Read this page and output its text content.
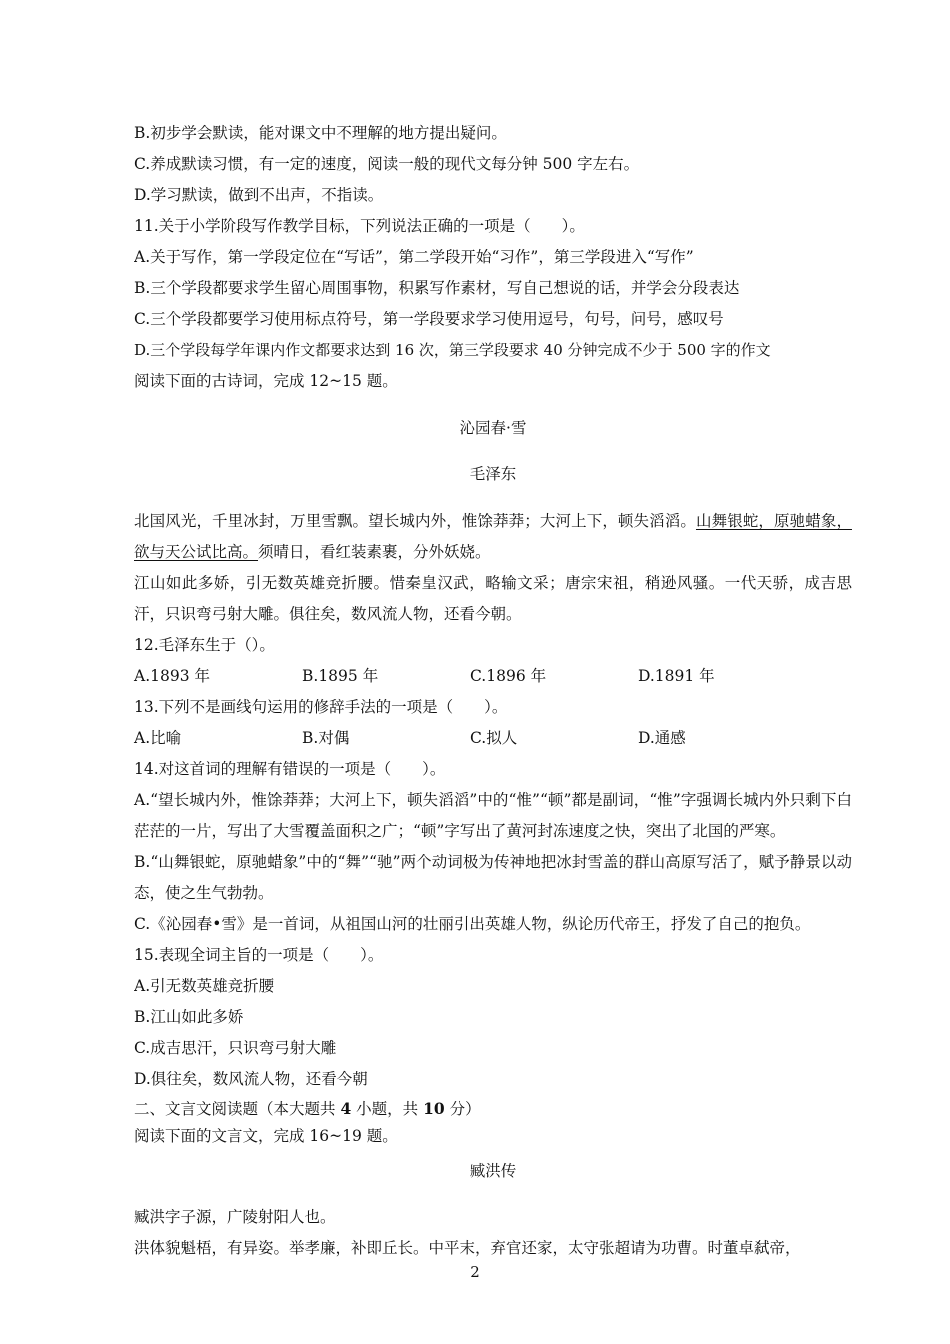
B.初步学会默读，能对课文中不理解的地方提出疑问。

C.养成默读习惯，有一定的速度，阅读一般的现代文每分钟 500 字左右。

D.学习默读，做到不出声，不指读。

11.关于小学阶段写作教学目标，下列说法正确的一项是（　　）。

A.关于写作，第一学段定位在“写话”，第二学段开始“习作”，第三学段进入“写作”

B.三个学段都要求学生留心周围事物，积累写作素材，写自己想说的话，并学会分段表达

C.三个学段都要学习使用标点符号，第一学段要求学习使用逗号，句号，问号，感叹号

D.三个学段每学年课内作文都要求达到 16 次，第三学段要求 40 分钟完成不少于 500 字的作文

阅读下面的古诗词，完成 12~15 题。

沁园春·雪

毛泽东

北国风光，千里冰封，万里雪飘。望长城内外，惟馀莽莽；大河上下，顿失滔滔。山舞银蛇，原驰蜡象，欲与天公试比高。须晴日，看红装素裹，分外妖娆。

江山如此多娇，引无数英雄竞折腰。惜秦皇汉武，略输文采；唐宗宋祖，稍逊风骚。一代天骄，成吉思汗，只识弯弓射大雕。俱往矣，数风流人物，还看今朝。

12.毛泽东生于（）。

A.1893 年	B.1895 年	C.1896 年	D.1891 年

13.下列不是画线句运用的修辞手法的一项是（　　）。

A.比喻	B.对偶	C.拟人	D.通感

14.对这首词的理解有错误的一项是（　　）。

A.“望长城内外，惟馀莽莽；大河上下，顿失滔滔”中的“惟”“顿”都是副词，“惟”字强调长城内外只剩下白茫茫的一片，写出了大雪覆盖面积之广；“顿”字写出了黄河封冻速度之快，突出了北国的严寒。

B.“山舞银蛇，原驰蜡象”中的“舞”“驰”两个动词极为传神地把冰封雪盖的群山高原写活了，赋予静景以动态，使之生气勃勃。

C.《沁园春•雪》是一首词，从祖国山河的壮丽引出英雄人物，纵论历代帝王，抒发了自己的抱负。

15.表现全词主旨的一项是（　　）。

A.引无数英雄竞折腰

B.江山如此多娇

C.成吉思汗，只识弯弓射大雕

D.俱往矣，数风流人物，还看今朝

二、文言文阅读题（本大题共 4 小题，共 10 分）

阅读下面的文言文，完成 16~19 题。

臧洪传

臧洪字子源，广陵射阳人也。

洪体貌魁梧，有异姿。举孝廉，补即丘长。中平末，弃官还家，太守张超请为功曹。时董卓弑帝，

2
